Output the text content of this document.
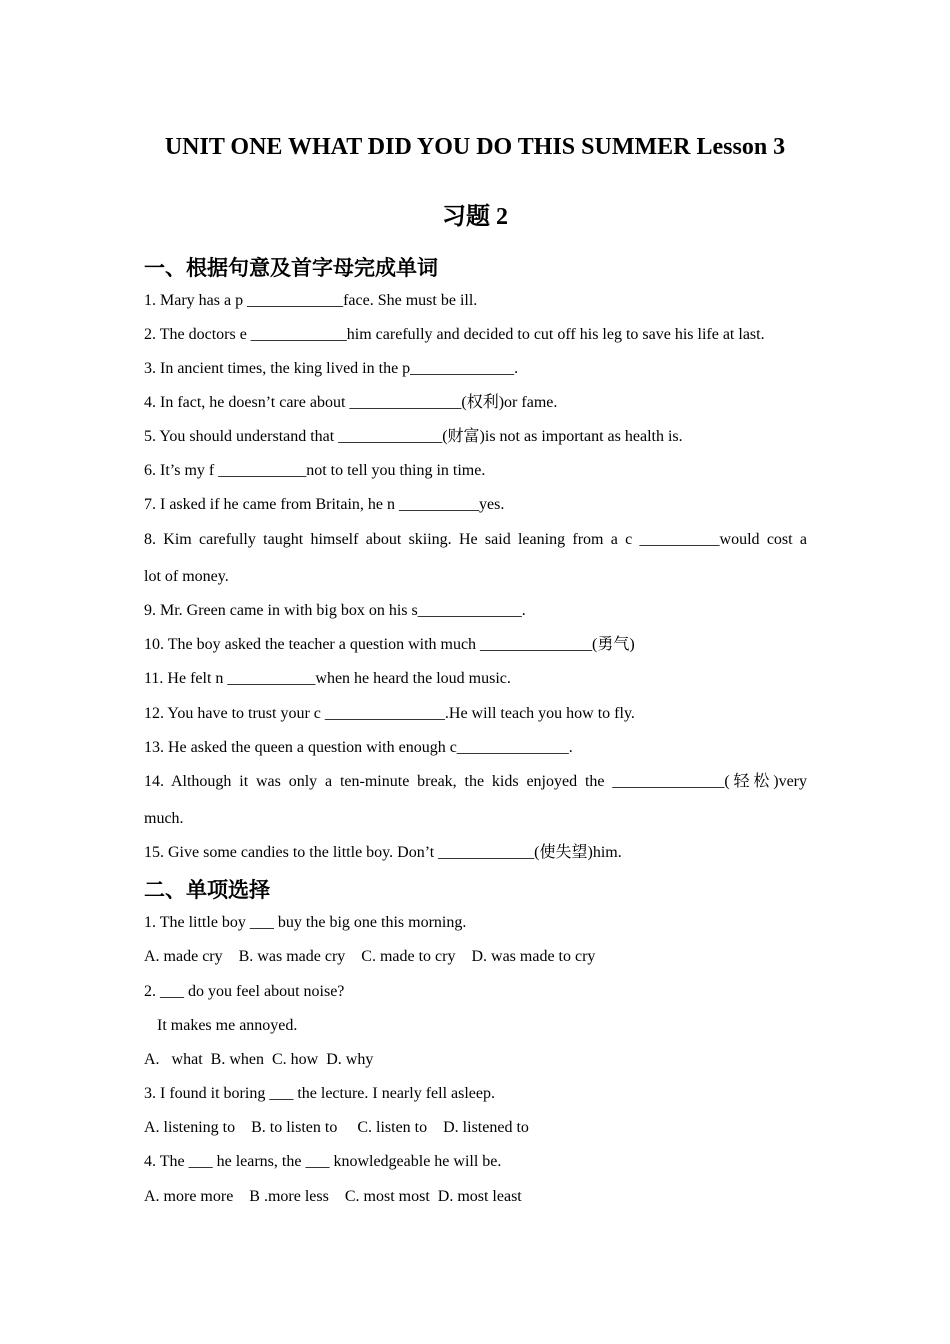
UNIT ONE WHAT DID YOU DO THIS SUMMER Lesson 3
习题 2
一、根据句意及首字母完成单词
1. Mary has a p ____________face. She must be ill.
2. The doctors e ____________him carefully and decided to cut off his leg to save his life at last.
3. In ancient times, the king lived in the p_____________.
4. In fact, he doesn’t care about ______________(权利)or fame.
5. You should understand that _____________(财富)is not as important as health is.
6. It’s my f ___________not to tell you thing in time.
7. I asked if he came from Britain, he n __________yes.
8. Kim carefully taught himself about skiing. He said leaning from a c __________would cost a
lot of money.
9. Mr. Green came in with big box on his s_____________.
10. The boy asked the teacher a question with much ______________(勇气)
11. He felt n ___________when he heard the loud music.
12. You have to trust your c _______________.He will teach you how to fly.
13. He asked the queen a question with enough c______________.
14. Although it was only a ten-minute break, the kids enjoyed the ______________(轻松)very
much.
15. Give some candies to the little boy. Don’t ____________(使失望)him.
二、单项选择
1. The little boy ___ buy the big one this morning.
A. made cry    B. was made cry    C. made to cry    D. was made to cry
2. ___ do you feel about noise?
It makes me annoyed.
A.   what  B. when  C. how  D. why
3. I found it boring ___ the lecture. I nearly fell asleep.
A. listening to    B. to listen to     C. listen to    D. listened to
4. The ___ he learns, the ___ knowledgeable he will be.
A. more more    B .more less    C. most most  D. most least
